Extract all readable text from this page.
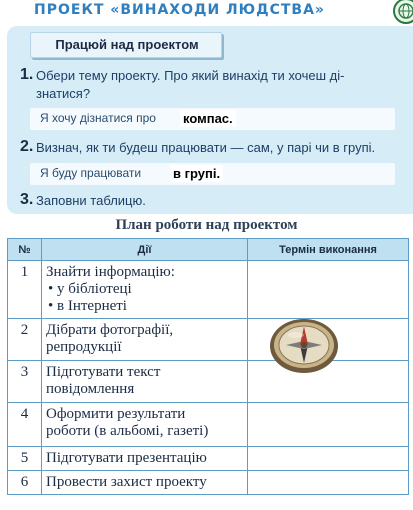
ПРОЕКТ «ВИНАХОДИ ЛЮДСТВА»
Працюй над проектом
1. Обери тему проекту. Про який винахід ти хочеш ді-
знатися?
Я хочу дізнатися про компас.
2. Визнач, як ти будеш працювати — сам, у парі чи в групі.
Я буду працювати в групі.
3. Заповни таблицю.
План роботи над проектом
№	Дії	Термін виконання
1	Знайти інформацію:
• у бібліотеці
• в Інтернеті	

2	Дібрати фотографії,
репродукції	

3	Підготувати текст
повідомлення	

4	Оформити результати
роботи (в альбомі, газеті)	

5	Підготувати презентацію	

6	Провести захист проекту	
